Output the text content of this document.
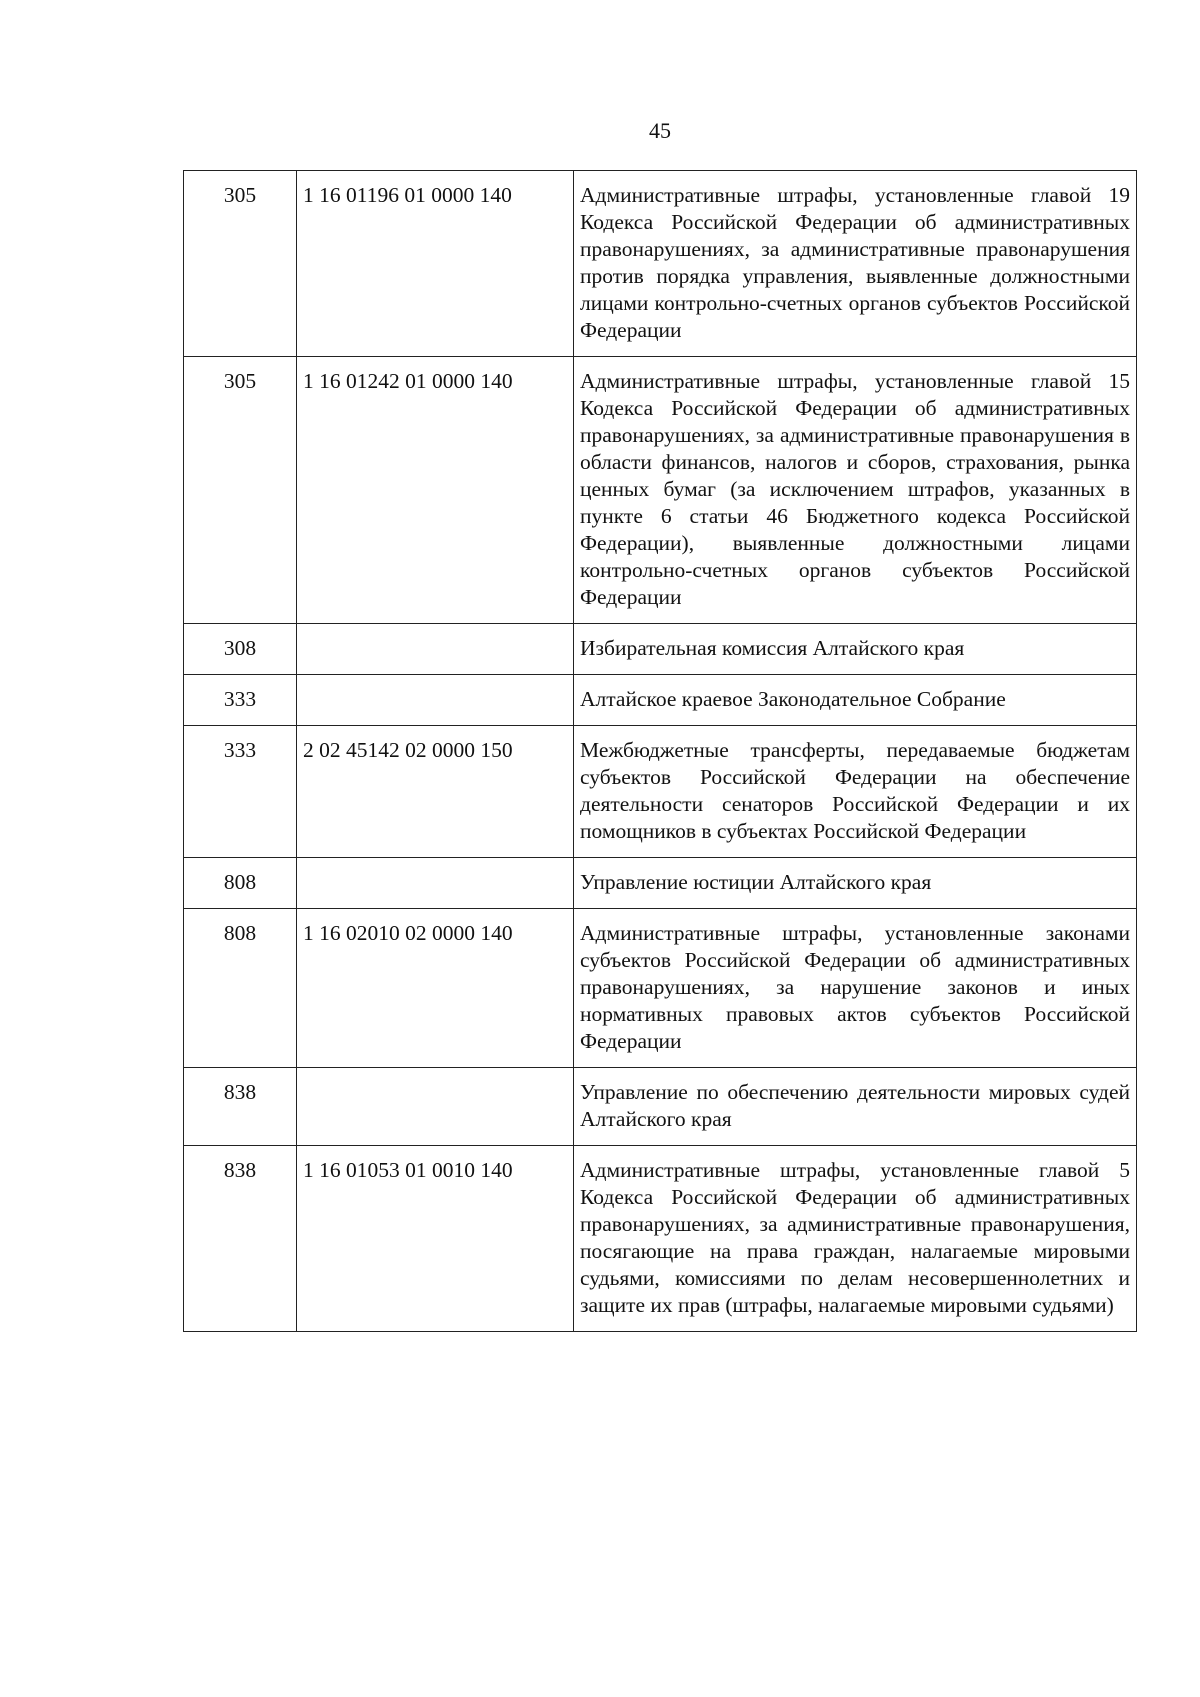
45
305	1 16 01196 01 0000 140	Административные штрафы, установленные главой 19 Кодекса Российской Федерации об административных правонарушениях, за административные правонарушения против порядка управления, выявленные должностными лицами контрольно-счетных органов субъектов Российской Федерации
305	1 16 01242 01 0000 140	Административные штрафы, установленные главой 15 Кодекса Российской Федерации об административных правонарушениях, за административные правонарушения в области финансов, налогов и сборов, страхования, рынка ценных бумаг (за исключением штрафов, указанных в пункте 6 статьи 46 Бюджетного кодекса Российской Федерации), выявленные должностными лицами контрольно-счетных органов субъектов Российской Федерации
308		Избирательная комиссия Алтайского края
333		Алтайское краевое Законодательное Собрание
333	2 02 45142 02 0000 150	Межбюджетные трансферты, передаваемые бюджетам субъектов Российской Федерации на обеспечение деятельности сенаторов Российской Федерации и их помощников в субъектах Российской Федерации
808		Управление юстиции Алтайского края
808	1 16 02010 02 0000 140	Административные штрафы, установленные законами субъектов Российской Федерации об административных правонарушениях, за нарушение законов и иных нормативных правовых актов субъектов Российской Федерации
838		Управление по обеспечению деятельности мировых судей Алтайского края
838	1 16 01053 01 0010 140	Административные штрафы, установленные главой 5 Кодекса Российской Федерации об административных правонарушениях, за административные правонарушения, посягающие на права граждан, налагаемые мировыми судьями, комиссиями по делам несовершеннолетних и защите их прав (штрафы, налагаемые мировыми судьями)
